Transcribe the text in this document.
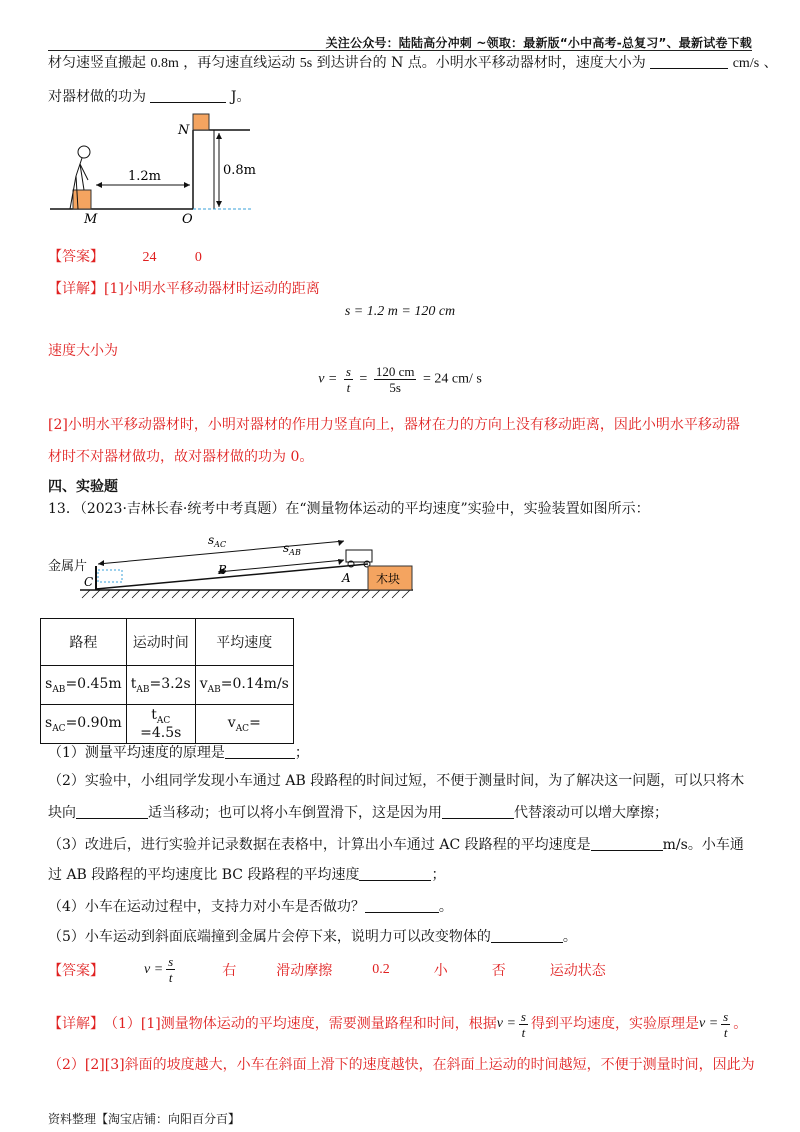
关注公众号：陆陆高分冲刺 ~领取：最新版“小中高考-总复习”、最新试卷下载
材匀速竖直搬起 0.8m ，再匀速直线运动 5s 到达讲台的 N 点。小明水平移动器材时，速度大小为	cm/s 、
对器材做的功为	J。
1.2m	0.8m
N
M	O
【答案】	24	0
【详解】[1]小明水平移动器材时运动的距离
s = 1.2 m = 120 cm
速度大小为
$v = \frac{s}{t} = \frac{120 cm}{5s} = 24$ cm/ s
[2]小明水平移动器材时，小明对器材的作用力竖直向上，器材在力的方向上没有移动距离，因此小明水平移动器
材时不对器材做功，故对器材做的功为 0。
四、实验题
13．（2023·吉林长春·统考中考真题）在“测量物体运动的平均速度”实验中，实验装置如图所示：
金属片
$s_{AC}$	$s_{AB}$
C
B
A 木块
路程	运动时间	平均速度
$s_{AB}=0.45m$	$t_{AB}=3.2s$	$v_{AB}=0.14m/s$
$s_{AC}=0.90m$	$t_{AC} =4.5s$	$v_{AC}=$
（1）测量平均速度的原理是	；
（2）实验中，小组同学发现小车通过 AB 段路程的时间过短，不便于测量时间，为了解决这一问题，可以只将木
块向	适当移动；也可以将小车倒置滑下，这是因为用	代替滚动可以增大摩擦；
（3）改进后，进行实验并记录数据在表格中，计算出小车通过 AC 段路程的平均速度是	m/s。小车通
过 AB 段路程的平均速度比 BC 段路程的平均速度	；
（4）小车在运动过程中，支持力对小车是否做功？	。
（5）小车运动到斜面底端撞到金属片会停下来，说明力可以改变物体的	。
【答案】	$v = \frac{s}{t}$	右	滑动摩擦	0.2	小	否	运动状态
【详解】 （1）[1]测量物体运动的平均速度，需要测量路程和时间，根据 $v = \frac{s}{t}$ 得到平均速度，实验原理是 $v = \frac{s}{t}$ 。
（2）[2][3]斜面的坡度越大，小车在斜面上滑下的速度越快，在斜面上运动的时间越短，不便于测量时间，因此为
资料整理【淘宝店铺：向阳百分百】
